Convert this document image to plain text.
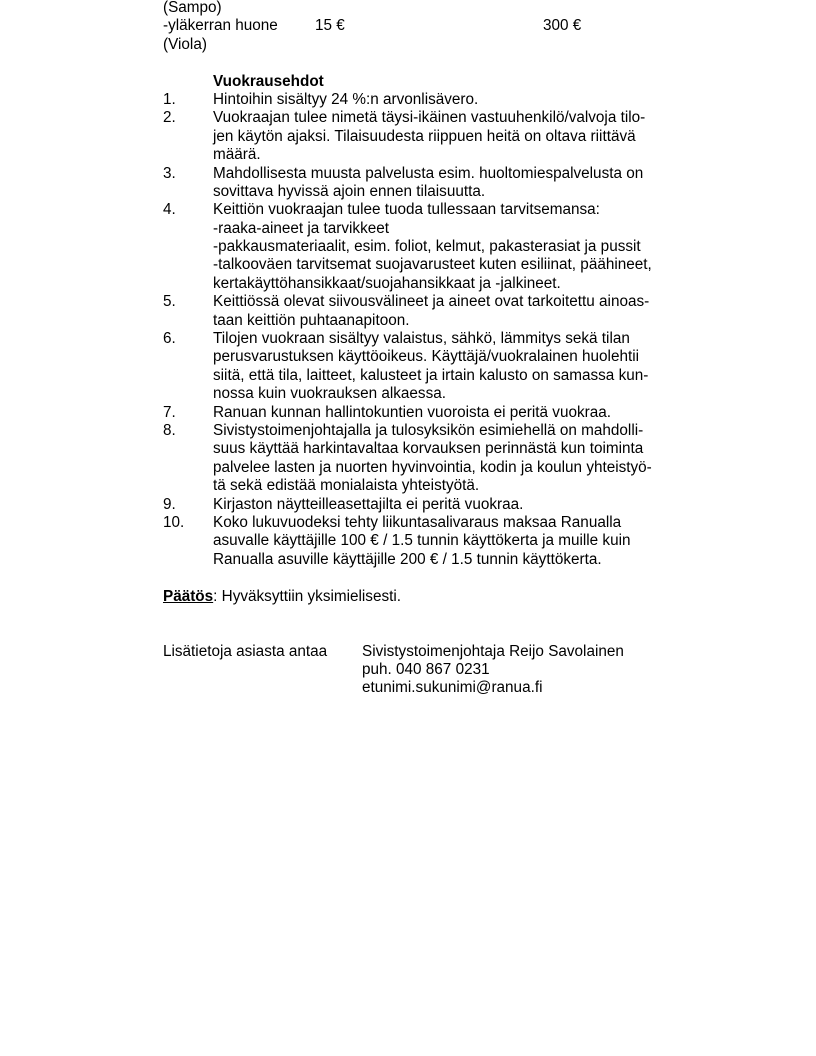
(Sampo)
-yläkerran huone 15 €	300 €
(Viola)
Vuokrausehdot
1. Hintoihin sisältyy 24 %:n arvonlisävero.
2. Vuokraajan tulee nimetä täysi-ikäinen vastuuhenkilö/valvoja tilo-
jen käytön ajaksi. Tilaisuudesta riippuen heitä on oltava riittävä
määrä.
3. Mahdollisesta muusta palvelusta esim. huoltomiespalvelusta on
sovittava hyvissä ajoin ennen tilaisuutta.
4. Keittiön vuokraajan tulee tuoda tullessaan tarvitsemansa:
-raaka-aineet ja tarvikkeet
-pakkausmateriaalit, esim. foliot, kelmut, pakasterasiat ja pussit
-talkooväen tarvitsemat suojavarusteet kuten esiliinat, päähineet,
kertakäyttöhansikkaat/suojahansikkaat ja -jalkineet.
5. Keittiössä olevat siivousvälineet ja aineet ovat tarkoitettu ainoas-
taan keittiön puhtaanapitoon.
6. Tilojen vuokraan sisältyy valaistus, sähkö, lämmitys sekä tilan
perusvarustuksen käyttöoikeus. Käyttäjä/vuokralainen huolehtii
siitä, että tila, laitteet, kalusteet ja irtain kalusto on samassa kun-
nossa kuin vuokrauksen alkaessa.
7. Ranuan kunnan hallintokuntien vuoroista ei peritä vuokraa.
8. Sivistystoimenjohtajalla ja tulosyksikön esimiehellä on mahdolli-
suus käyttää harkintavaltaa korvauksen perinnästä kun toiminta
palvelee lasten ja nuorten hyvinvointia, kodin ja koulun yhteistyö-
tä sekä edistää monialaista yhteistyötä.
9. Kirjaston näytteilleasettajilta ei peritä vuokraa.
10. Koko lukuvuodeksi tehty liikuntasalivaraus maksaa Ranualla
asuvalle käyttäjille 100 € / 1.5 tunnin käyttökerta ja muille kuin
Ranualla asuville käyttäjille 200 € / 1.5 tunnin käyttökerta.
Päätös: Hyväksyttiin yksimielisesti.
Lisätietoja asiasta antaa Sivistystoimenjohtaja Reijo Savolainen
puh. 040 867 0231
etunimi.sukunimi@ranua.fi
